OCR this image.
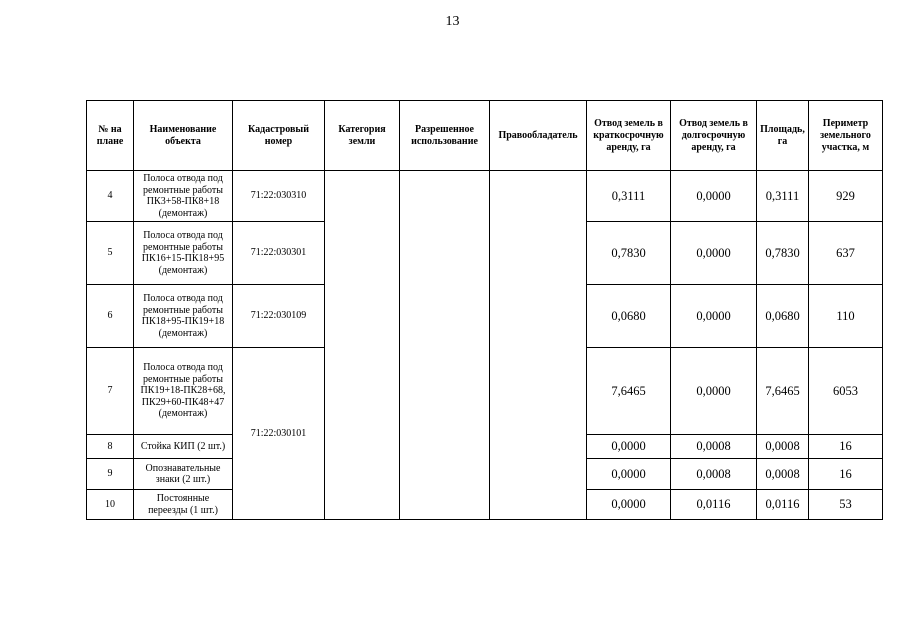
13
№ на плане	Наименование объекта	Кадастровый номер	Категория земли	Разрешенное использование	Правообладатель	Отвод земель в краткосрочную аренду, га	Отвод земель в долгосрочную аренду, га	Площадь, га	Периметр земельного участка, м
4	Полоса отвода под ремонтные работы ПК3+58-ПК8+18 (демонтаж)	71:22:030310				0,3111	0,0000	0,3111	929
5	Полоса отвода под ремонтные работы ПК16+15-ПК18+95 (демонтаж)	71:22:030301				0,7830	0,0000	0,7830	637
6	Полоса отвода под ремонтные работы ПК18+95-ПК19+18 (демонтаж)	71:22:030109				0,0680	0,0000	0,0680	110
7	Полоса отвода под ремонтные работы ПК19+18-ПК28+68, ПК29+60-ПК48+47 (демонтаж)	71:22:030101				7,6465	0,0000	7,6465	6053
8	Стойка КИП (2 шт.)					0,0000	0,0008	0,0008	16
9	Опознавательные знаки (2 шт.)					0,0000	0,0008	0,0008	16
10	Постоянные переезды (1 шт.)					0,0000	0,0116	0,0116	53
